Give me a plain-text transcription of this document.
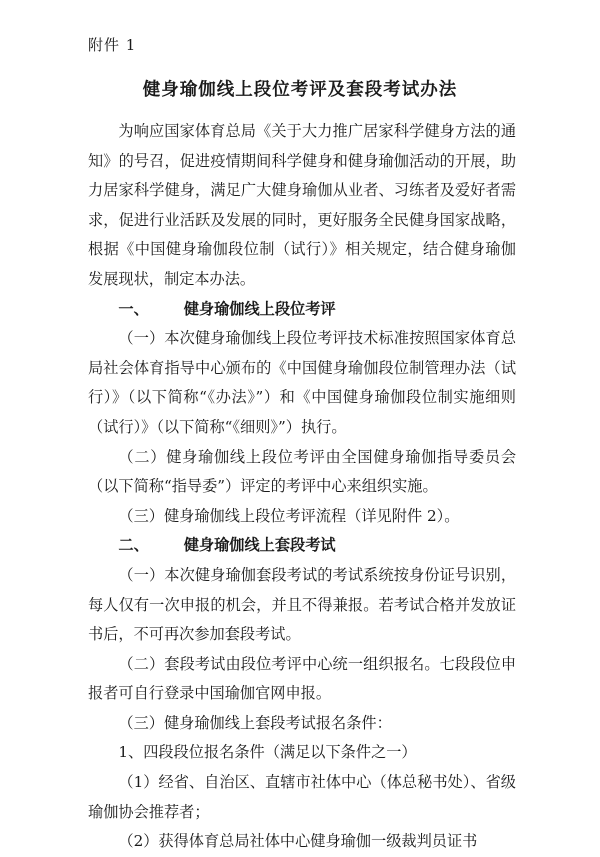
附件 1
健身瑜伽线上段位考评及套段考试办法

为响应国家体育总局《关于大力推广居家科学健身方法的通知》的号召，促进疫情期间科学健身和健身瑜伽活动的开展，助力居家科学健身，满足广大健身瑜伽从业者、习练者及爱好者需求，促进行业活跃及发展的同时，更好服务全民健身国家战略，根据《中国健身瑜伽段位制（试行）》相关规定，结合健身瑜伽发展现状，制定本办法。

一、 健身瑜伽线上段位考评

（一）本次健身瑜伽线上段位考评技术标准按照国家体育总局社会体育指导中心颁布的《中国健身瑜伽段位制管理办法（试行）》（以下简称“《办法》”）和《中国健身瑜伽段位制实施细则（试行）》（以下简称“《细则》”）执行。

（二）健身瑜伽线上段位考评由全国健身瑜伽指导委员会（以下简称“指导委”）评定的考评中心来组织实施。

（三）健身瑜伽线上段位考评流程（详见附件 2）。

二、 健身瑜伽线上套段考试

（一）本次健身瑜伽套段考试的考试系统按身份证号识别，每人仅有一次申报的机会，并且不得兼报。若考试合格并发放证书后，不可再次参加套段考试。

（二）套段考试由段位考评中心统一组织报名。七段段位申报者可自行登录中国瑜伽官网申报。

（三）健身瑜伽线上套段考试报名条件：

1、四段段位报名条件（满足以下条件之一）

（1）经省、自治区、直辖市社体中心（体总秘书处）、省级瑜伽协会推荐者；

（2）获得体育总局社体中心健身瑜伽一级裁判员证书
